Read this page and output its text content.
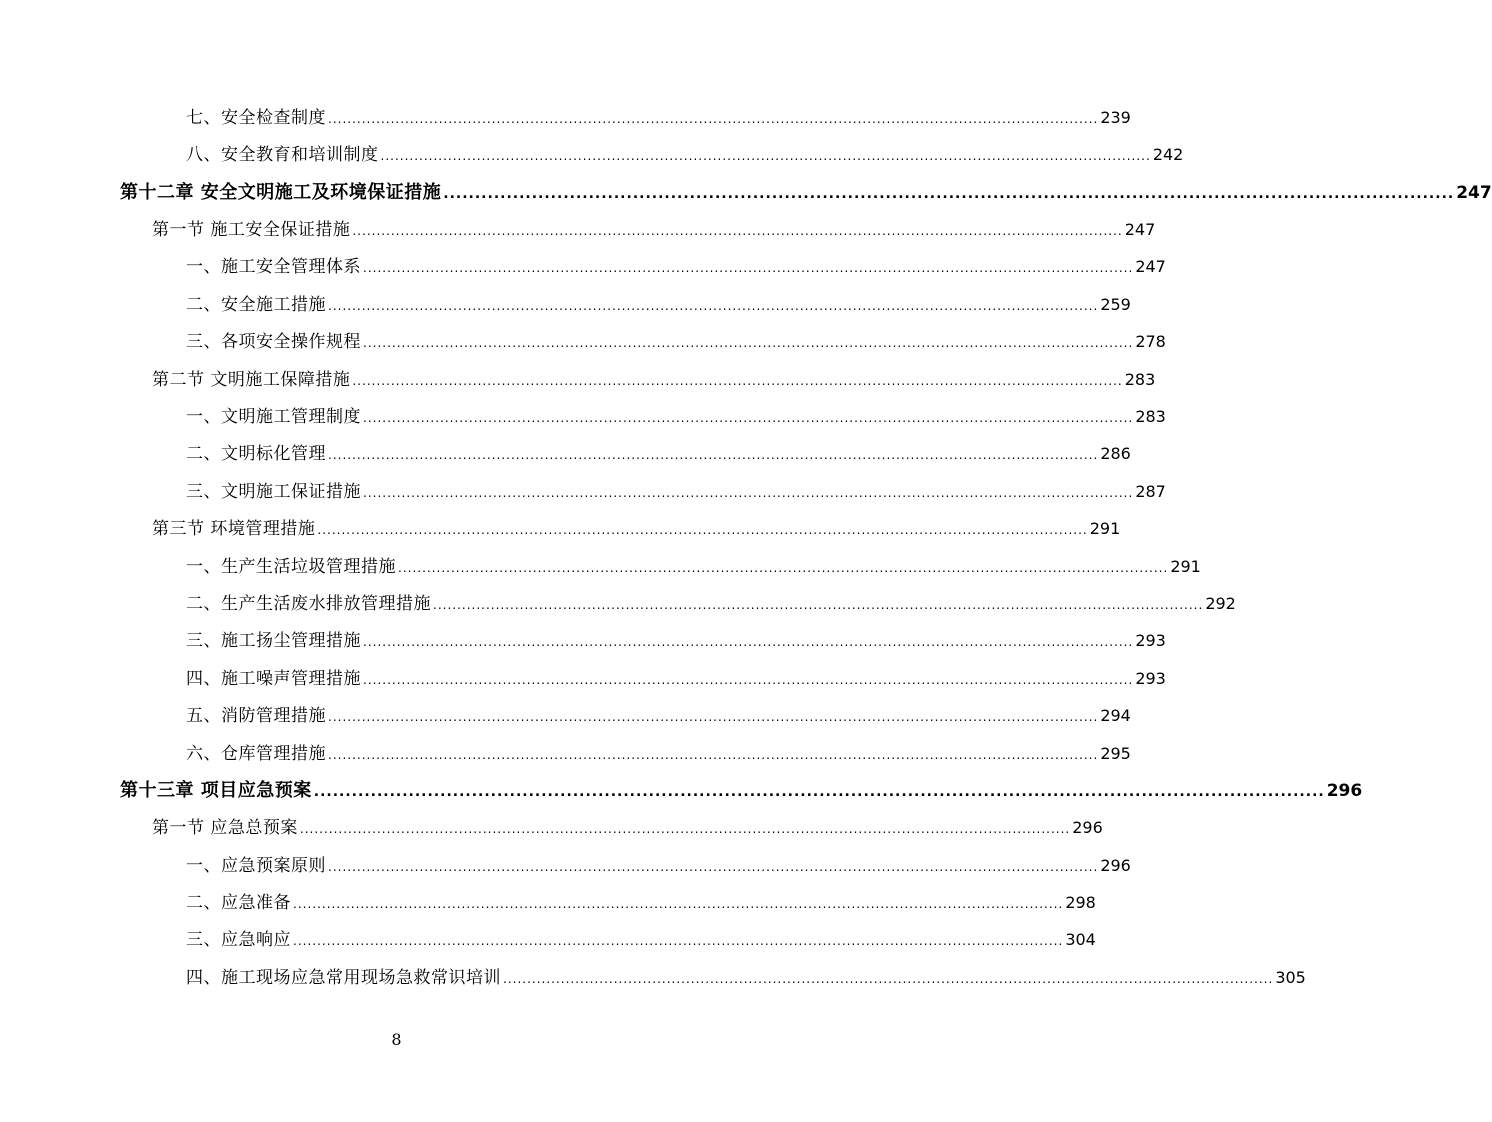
七、安全检查制度 ................................................................................................................................................................ 239
八、安全教育和培训制度 ................................................................................................................................................................ 242
第十二章 安全文明施工及环境保证措施 ................................................................................................................................................................ 247
第一节 施工安全保证措施 ................................................................................................................................................................ 247
一、施工安全管理体系 ................................................................................................................................................................ 247
二、安全施工措施 ................................................................................................................................................................ 259
三、各项安全操作规程 ................................................................................................................................................................ 278
第二节 文明施工保障措施 ................................................................................................................................................................ 283
一、文明施工管理制度 ................................................................................................................................................................ 283
二、文明标化管理 ................................................................................................................................................................ 286
三、文明施工保证措施 ................................................................................................................................................................ 287
第三节 环境管理措施 ................................................................................................................................................................ 291
一、生产生活垃圾管理措施 ................................................................................................................................................................ 291
二、生产生活废水排放管理措施 ................................................................................................................................................................ 292
三、施工扬尘管理措施 ................................................................................................................................................................ 293
四、施工噪声管理措施 ................................................................................................................................................................ 293
五、消防管理措施 ................................................................................................................................................................ 294
六、仓库管理措施 ................................................................................................................................................................ 295
第十三章 项目应急预案 ................................................................................................................................................................ 296
第一节 应急总预案 ................................................................................................................................................................ 296
一、应急预案原则 ................................................................................................................................................................ 296
二、应急准备 ................................................................................................................................................................ 298
三、应急响应 ................................................................................................................................................................ 304
四、施工现场应急常用现场急救常识培训 ................................................................................................................................................................ 305
8
